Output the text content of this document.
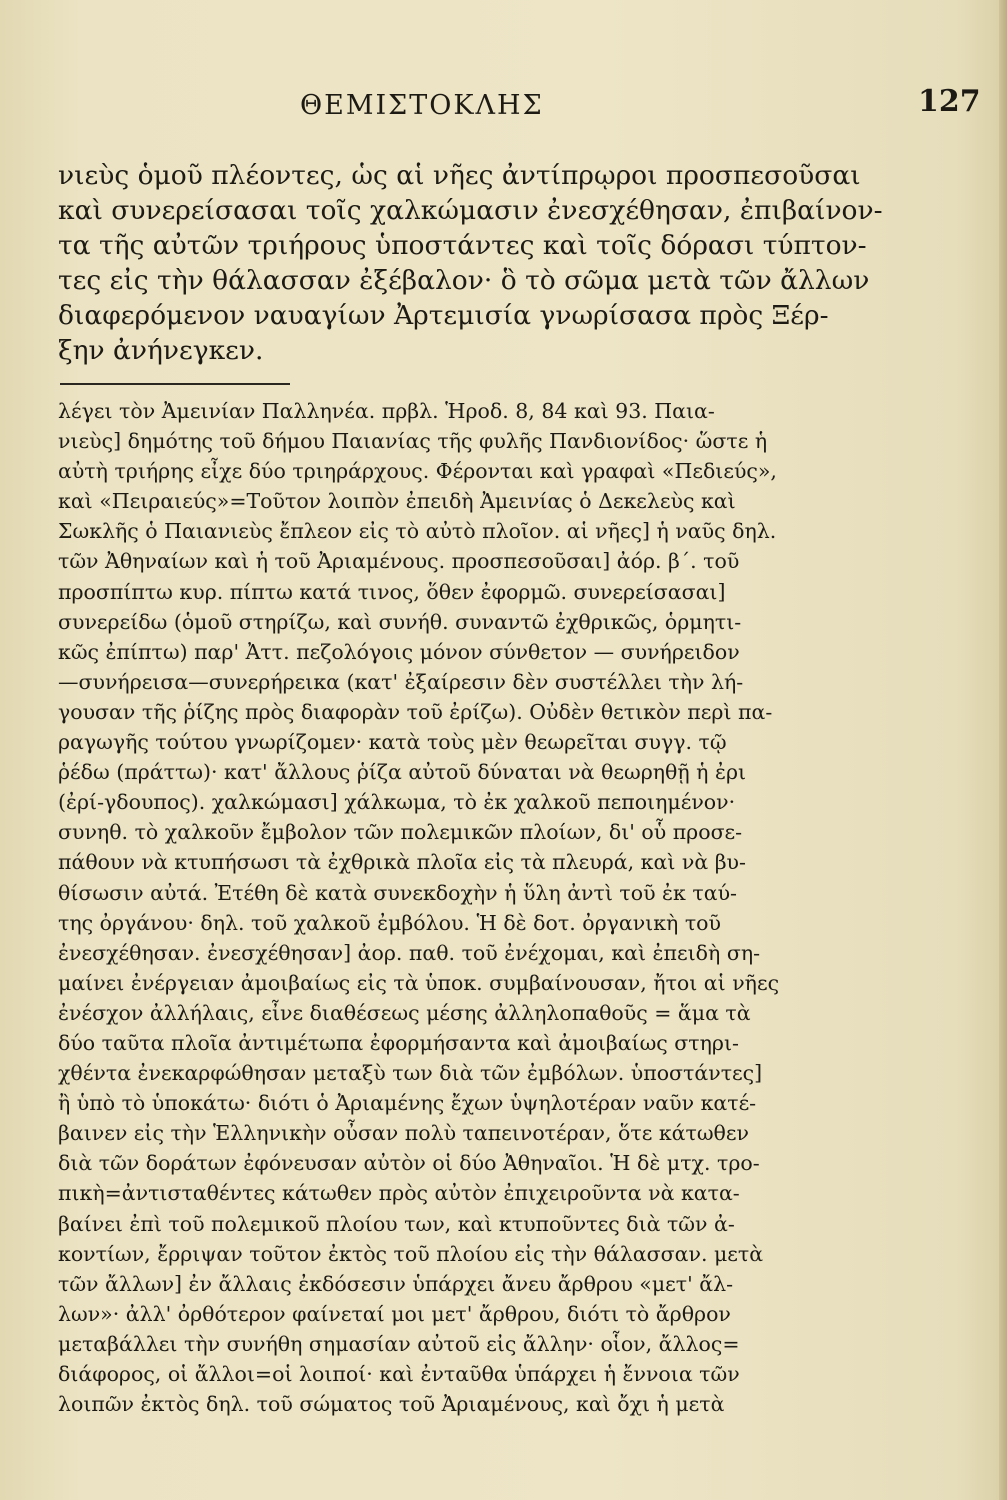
ΘΕΜΙΣΤΟΚΛΗΣ	127
νιεὺς ὁμοῦ πλέοντες, ὡς αἱ νῆες ἀντίπρῳροι προσπεσοῦσαι
καὶ συνερείσασαι τοῖς χαλκώμασιν ἐνεσχέθησαν, ἐπιβαίνον-
τα τῆς αὐτῶν τριήρους ὑποστάντες καὶ τοῖς δόρασι τύπτον-
τες εἰς τὴν θάλασσαν ἐξέβαλον· ὃ τὸ σῶμα μετὰ τῶν ἄλλων
διαφερόμενον ναυαγίων Ἀρτεμισία γνωρίσασα πρὸς Ξέρ-
ξην ἀνήνεγκεν.
λέγει τὸν Ἀμεινίαν Παλληνέα. πρβλ. Ἡροδ. 8, 84 καὶ 93. Παια-
νιεὺς] δημότης τοῦ δήμου Παιανίας τῆς φυλῆς Πανδιονίδος· ὥστε ἡ
αὐτὴ τριήρης εἶχε δύο τριηράρχους. Φέρονται καὶ γραφαὶ «Πεδιεύς»,
καὶ «Πειραιεύς»=Τοῦτον λοιπὸν ἐπειδὴ Ἀμεινίας ὁ Δεκελεὺς καὶ
Σωκλῆς ὁ Παιανιεὺς ἔπλεον εἰς τὸ αὐτὸ πλοῖον. αἱ νῆες] ἡ ναῦς δηλ.
τῶν Ἀθηναίων καὶ ἡ τοῦ Ἀριαμένους. προσπεσοῦσαι] ἀόρ. β΄. τοῦ
προσπίπτω κυρ. πίπτω κατά τινος, ὅθεν ἐφορμῶ. συνερείσασαι]
συνερείδω (ὁμοῦ στηρίζω, καὶ συνήθ. συναντῶ ἐχθρικῶς, ὁρμητι-
κῶς ἐπίπτω) παρ' Ἀττ. πεζολόγοις μόνον σύνθετον — συνήρειδον
—συνήρεισα—συνερήρεικα (κατ' ἐξαίρεσιν δὲν συστέλλει τὴν λή-
γουσαν τῆς ῥίζης πρὸς διαφορὰν τοῦ ἐρίζω). Οὐδὲν θετικὸν περὶ πα-
ραγωγῆς τούτου γνωρίζομεν· κατὰ τοὺς μὲν θεωρεῖται συγγ. τῷ
ῥέδω (πράττω)· κατ' ἄλλους ῥίζα αὐτοῦ δύναται νὰ θεωρηθῇ ἡ ἐρι
(ἐρί-γδουπος). χαλκώμασι] χάλκωμα, τὸ ἐκ χαλκοῦ πεποιημένον·
συνηθ. τὸ χαλκοῦν ἔμβολον τῶν πολεμικῶν πλοίων, δι' οὗ προσε-
πάθουν νὰ κτυπήσωσι τὰ ἐχθρικὰ πλοῖα εἰς τὰ πλευρά, καὶ νὰ βυ-
θίσωσιν αὐτά. Ἐτέθη δὲ κατὰ συνεκδοχὴν ἡ ὕλη ἀντὶ τοῦ ἐκ ταύ-
της ὀργάνου· δηλ. τοῦ χαλκοῦ ἐμβόλου. Ἡ δὲ δοτ. ὀργανικὴ τοῦ
ἐνεσχέθησαν. ἐνεσχέθησαν] ἀορ. παθ. τοῦ ἐνέχομαι, καὶ ἐπειδὴ ση-
μαίνει ἐνέργειαν ἀμοιβαίως εἰς τὰ ὑποκ. συμβαίνουσαν, ἤτοι αἱ νῆες
ἐνέσχον ἀλλήλαις, εἶνε διαθέσεως μέσης ἀλληλοπαθοῦς = ἅμα τὰ
δύο ταῦτα πλοῖα ἀντιμέτωπα ἐφορμήσαντα καὶ ἀμοιβαίως στηρι-
χθέντα ἐνεκαρφώθησαν μεταξὺ των διὰ τῶν ἐμβόλων. ὑποστάντες]
ἢ ὑπὸ τὸ ὑποκάτω· διότι ὁ Ἀριαμένης ἔχων ὑψηλοτέραν ναῦν κατέ-
βαινεν εἰς τὴν Ἑλληνικὴν οὖσαν πολὺ ταπεινοτέραν, ὅτε κάτωθεν
διὰ τῶν δοράτων ἐφόνευσαν αὐτὸν οἱ δύο Ἀθηναῖοι. Ἡ δὲ μτχ. τρο-
πικὴ=ἀντισταθέντες κάτωθεν πρὸς αὐτὸν ἐπιχειροῦντα νὰ κατα-
βαίνει ἐπὶ τοῦ πολεμικοῦ πλοίου των, καὶ κτυποῦντες διὰ τῶν ἀ-
κοντίων, ἔρριψαν τοῦτον ἐκτὸς τοῦ πλοίου εἰς τὴν θάλασσαν. μετὰ
τῶν ἄλλων] ἐν ἄλλαις ἐκδόσεσιν ὑπάρχει ἄνευ ἄρθρου «μετ' ἄλ-
λων»· ἀλλ' ὀρθότερον φαίνεταί μοι μετ' ἄρθρου, διότι τὸ ἄρθρον
μεταβάλλει τὴν συνήθη σημασίαν αὐτοῦ εἰς ἄλλην· οἷον, ἄλλος=
διάφορος, οἱ ἄλλοι=οἱ λοιποί· καὶ ἐνταῦθα ὑπάρχει ἡ ἔννοια τῶν
λοιπῶν ἐκτὸς δηλ. τοῦ σώματος τοῦ Ἀριαμένους, καὶ ὄχι ἡ μετὰ
